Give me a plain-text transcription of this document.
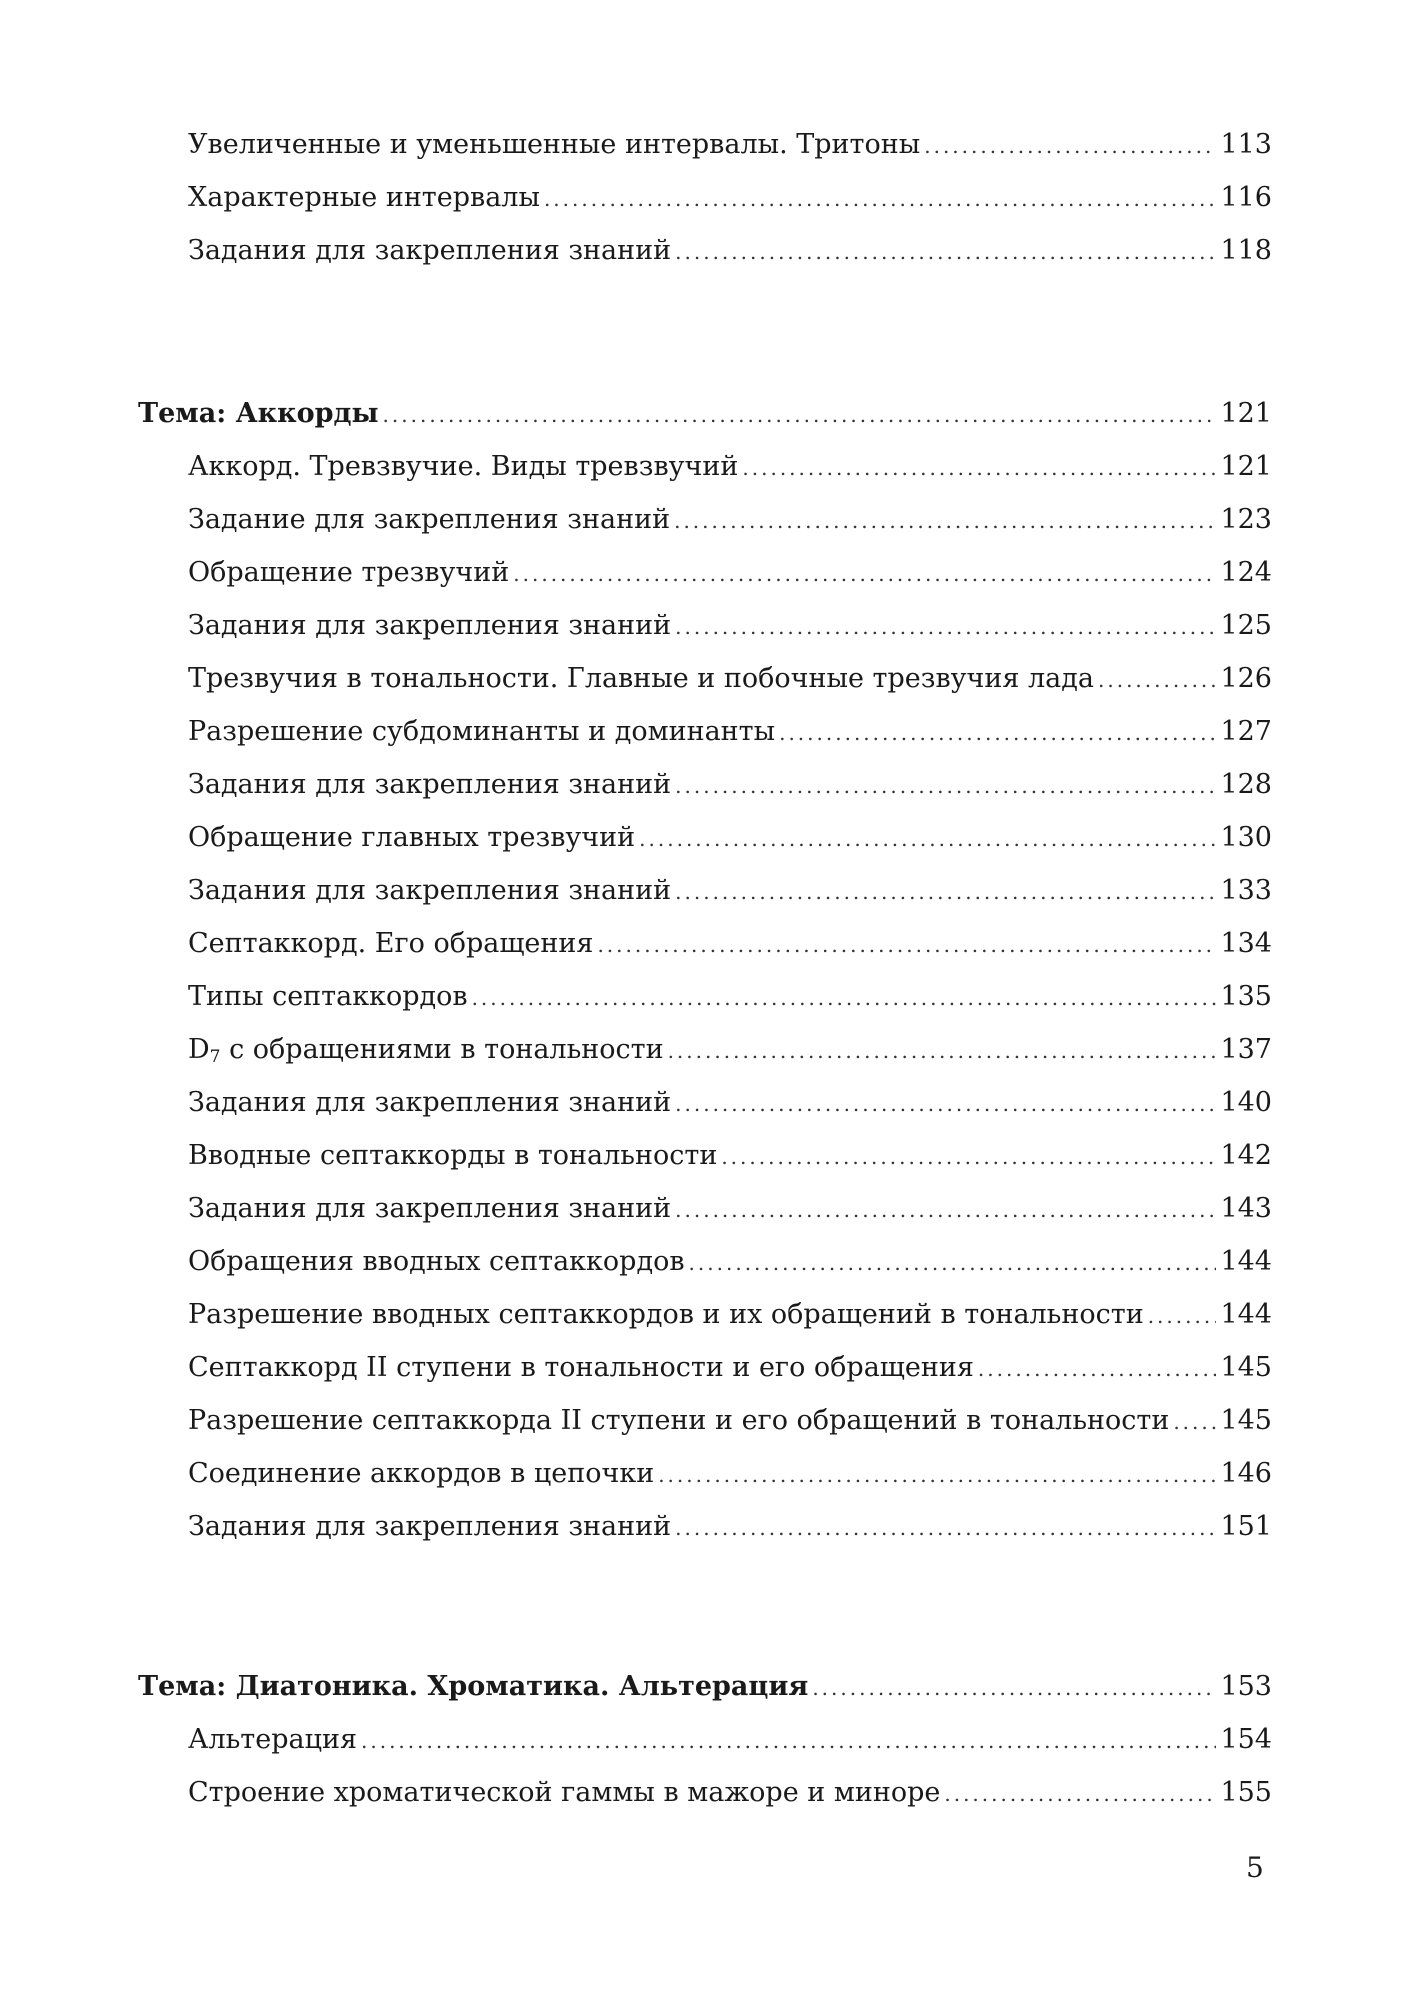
Увеличенные и уменьшенные интервалы. Тритоны .....	113
Характерные интервалы .....	116
Задания для закрепления знаний .....	118
Тема: Аккорды .....	121
Аккорд. Тревзвучие. Виды тревзвучий .....	121
Задание для закрепления знаний .....	123
Обращение трезвучий .....	124
Задания для закрепления знаний .....	125
Трезвучия в тональности. Главные и побочные трезвучия лада .....	126
Разрешение субдоминанты и доминанты .....	127
Задания для закрепления знаний .....	128
Обращение главных трезвучий .....	130
Задания для закрепления знаний .....	133
Септаккорд. Его обращения .....	134
Типы септаккордов .....	135
$D_7$ с обращениями в тональности .....	137
Задания для закрепления знаний .....	140
Вводные септаккорды в тональности .....	142
Задания для закрепления знаний .....	143
Обращения вводных септаккордов .....	144
Разрешение вводных септаккордов и их обращений в тональности .....	144
Септаккорд II ступени в тональности и его обращения .....	145
Разрешение септаккорда II ступени и его обращений в тональности ..... 145
Соединение аккордов в цепочки .....	146
Задания для закрепления знаний .....	151
Тема: Диатоника. Хроматика. Альтерация .....	153
Альтерация .....	154
Строение хроматической гаммы в мажоре и миноре .....	155
5
